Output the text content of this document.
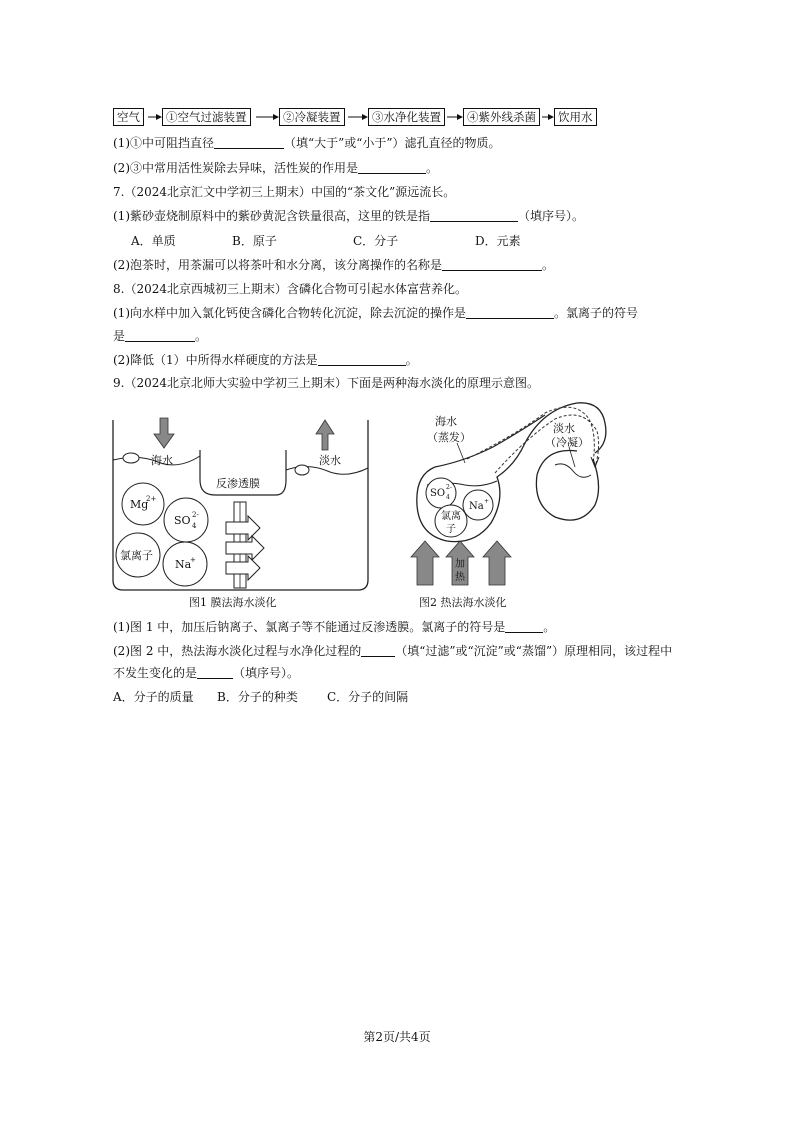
空气	①空气过滤装置	②冷凝装置	③水净化装置	④紫外线杀菌	饮用水
(1)①中可阻挡直径	（填“大于”或“小于”）滤孔直径的物质。
(2)③中常用活性炭除去异味，活性炭的作用是	。
7.（2024北京汇文中学初三上期末）中国的“茶文化”源远流长。
(1)紫砂壶烧制原料中的紫砂黄泥含铁量很高，这里的铁是指	（填序号）。
A．单质	B．原子	C．分子	D．元素
(2)泡茶时，用茶漏可以将茶叶和水分离，该分离操作的名称是	。
8.（2024北京西城初三上期末）含磷化合物可引起水体富营养化。
(1)向水样中加入氯化钙使含磷化合物转化沉淀，除去沉淀的操作是	。氯离子的符号
是	。
(2)降低（1）中所得水样硬度的方法是	。
9.（2024北京北师大实验中学初三上期末）下面是两种海水淡化的原理示意图。
海水	淡水
反渗透膜
Mg
2+
SO 4
2-
氯离子
Na
+
图1 膜法海水淡化
海水
（蒸发）
淡水
（冷凝）
SO 4
2-
Na +
氯离
子
加
热
图2 热法海水淡化
(1)图 1 中，加压后钠离子、氯离子等不能通过反渗透膜。氯离子的符号是	。
(2)图 2 中，热法海水淡化过程与水净化过程的	（填“过滤”或“沉淀”或“蒸馏”）原理相同，该过程中
不发生变化的是	（填序号）。
A．分子的质量 B．分子的种类 C．分子的间隔
第2页/共4页
